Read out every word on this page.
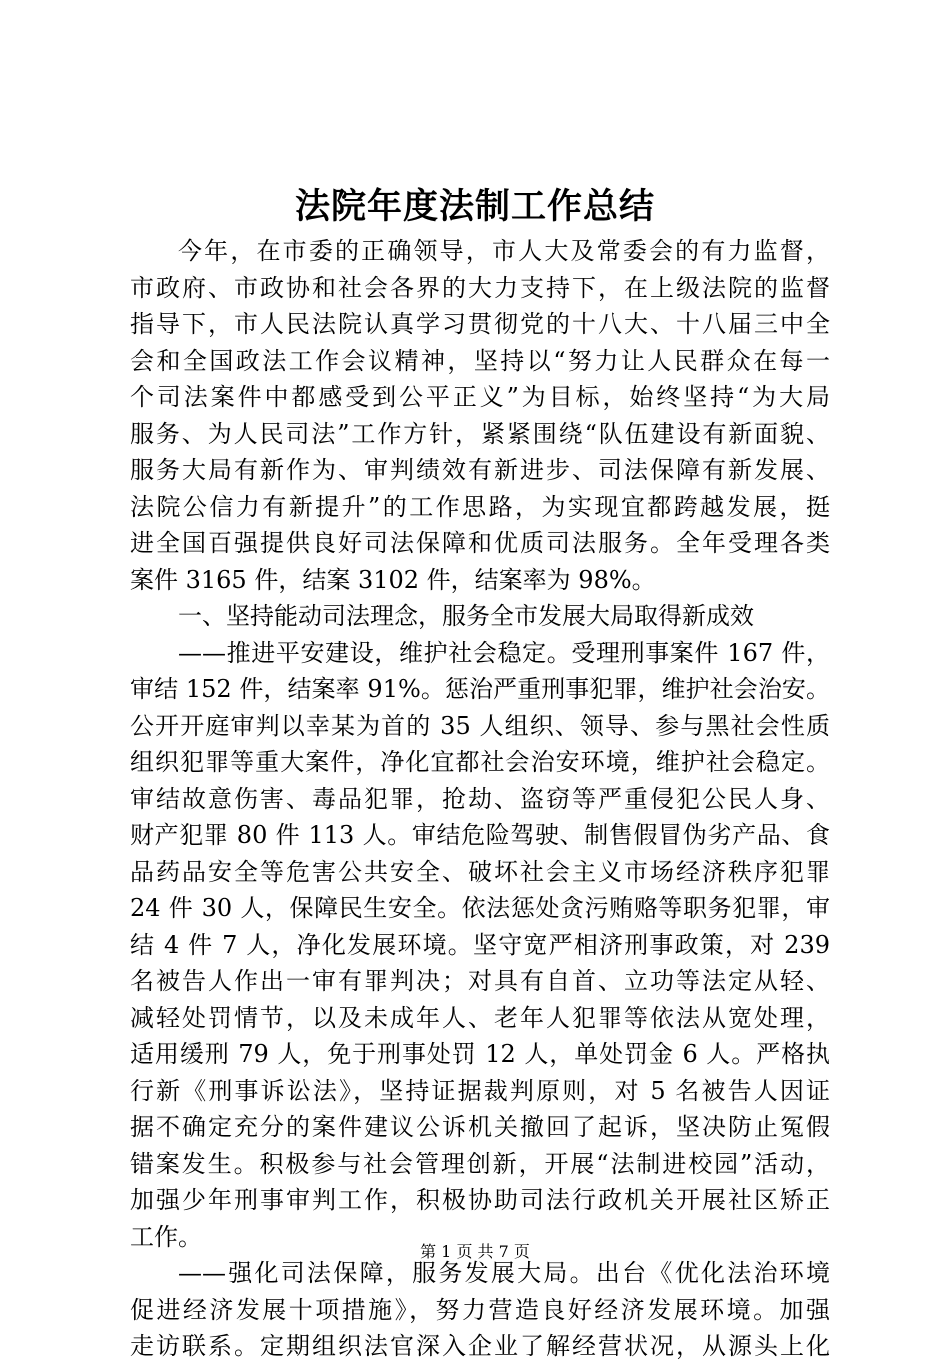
法院年度法制工作总结
今年，在市委的正确领导，市人大及常委会的有力监督，
市政府、市政协和社会各界的大力支持下，在上级法院的监督
指导下，市人民法院认真学习贯彻党的十八大、十八届三中全
会和全国政法工作会议精神，坚持以“努力让人民群众在每一
个司法案件中都感受到公平正义”为目标，始终坚持“为大局
服务、为人民司法”工作方针，紧紧围绕“队伍建设有新面貌、
服务大局有新作为、审判绩效有新进步、司法保障有新发展、
法院公信力有新提升”的工作思路，为实现宜都跨越发展，挺
进全国百强提供良好司法保障和优质司法服务。全年受理各类
案件 3165 件，结案 3102 件，结案率为 98%。
一、坚持能动司法理念，服务全市发展大局取得新成效
——推进平安建设，维护社会稳定。受理刑事案件 167 件，
审结 152 件，结案率 91%。惩治严重刑事犯罪，维护社会治安。
公开开庭审判以幸某为首的 35 人组织、领导、参与黑社会性质
组织犯罪等重大案件，净化宜都社会治安环境，维护社会稳定。
审结故意伤害、毒品犯罪，抢劫、盗窃等严重侵犯公民人身、
财产犯罪 80 件 113 人。审结危险驾驶、制售假冒伪劣产品、食
品药品安全等危害公共安全、破坏社会主义市场经济秩序犯罪
24 件 30 人，保障民生安全。依法惩处贪污贿赂等职务犯罪，审
结 4 件 7 人，净化发展环境。坚守宽严相济刑事政策，对 239
名被告人作出一审有罪判决；对具有自首、立功等法定从轻、
减轻处罚情节，以及未成年人、老年人犯罪等依法从宽处理，
适用缓刑 79 人，免于刑事处罚 12 人，单处罚金 6 人。严格执
行新《刑事诉讼法》，坚持证据裁判原则，对 5 名被告人因证
据不确定充分的案件建议公诉机关撤回了起诉，坚决防止冤假
错案发生。积极参与社会管理创新，开展“法制进校园”活动，
加强少年刑事审判工作，积极协助司法行政机关开展社区矫正
工作。
——强化司法保障，服务发展大局。出台《优化法治环境
促进经济发展十项措施》，努力营造良好经济发展环境。加强
走访联系。定期组织法官深入企业了解经营状况，从源头上化
第 1 页 共 7 页
